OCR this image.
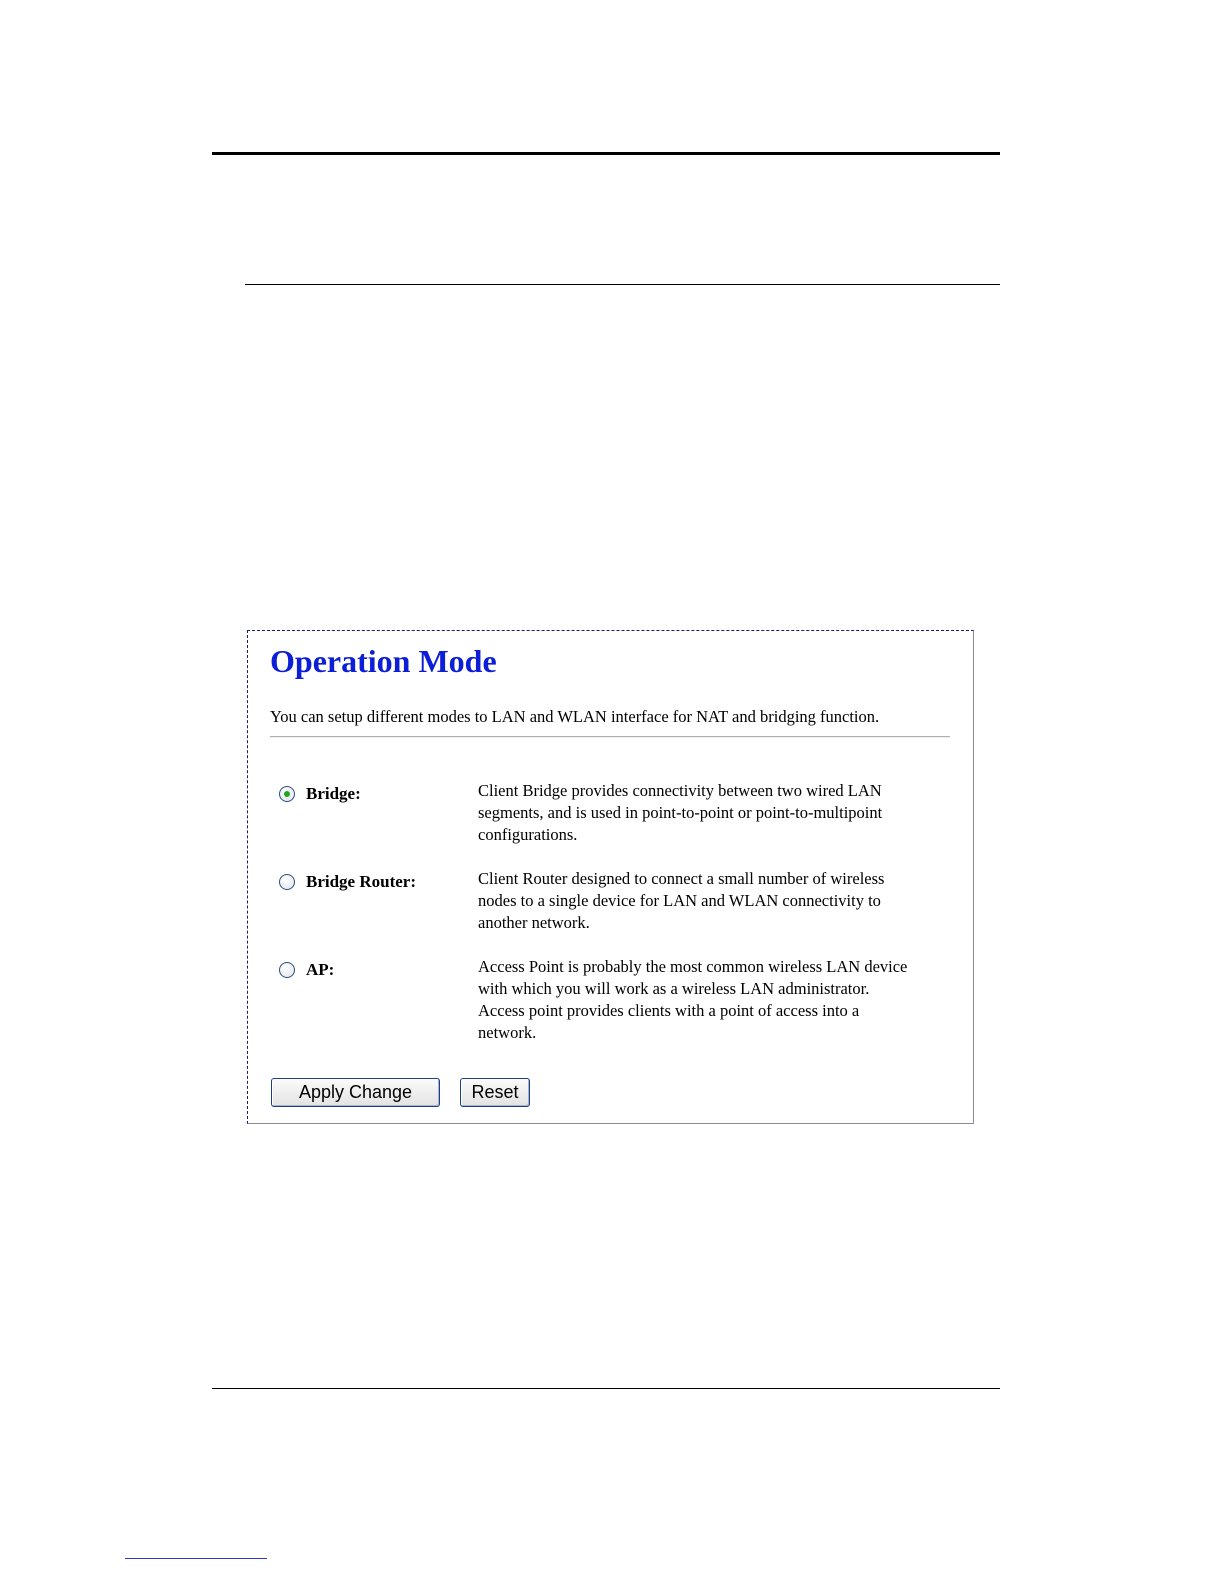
Operation Mode
You can setup different modes to LAN and WLAN interface for NAT and bridging function.
Bridge:	Client Bridge provides connectivity between two wired LAN
segments, and is used in point-to-point or point-to-multipoint
configurations.
Bridge Router:	Client Router designed to connect a small number of wireless
nodes to a single device for LAN and WLAN connectivity to
another network.
AP:	Access Point is probably the most common wireless LAN device
with which you will work as a wireless LAN administrator.
Access point provides clients with a point of access into a
network.
Apply Change	Reset
